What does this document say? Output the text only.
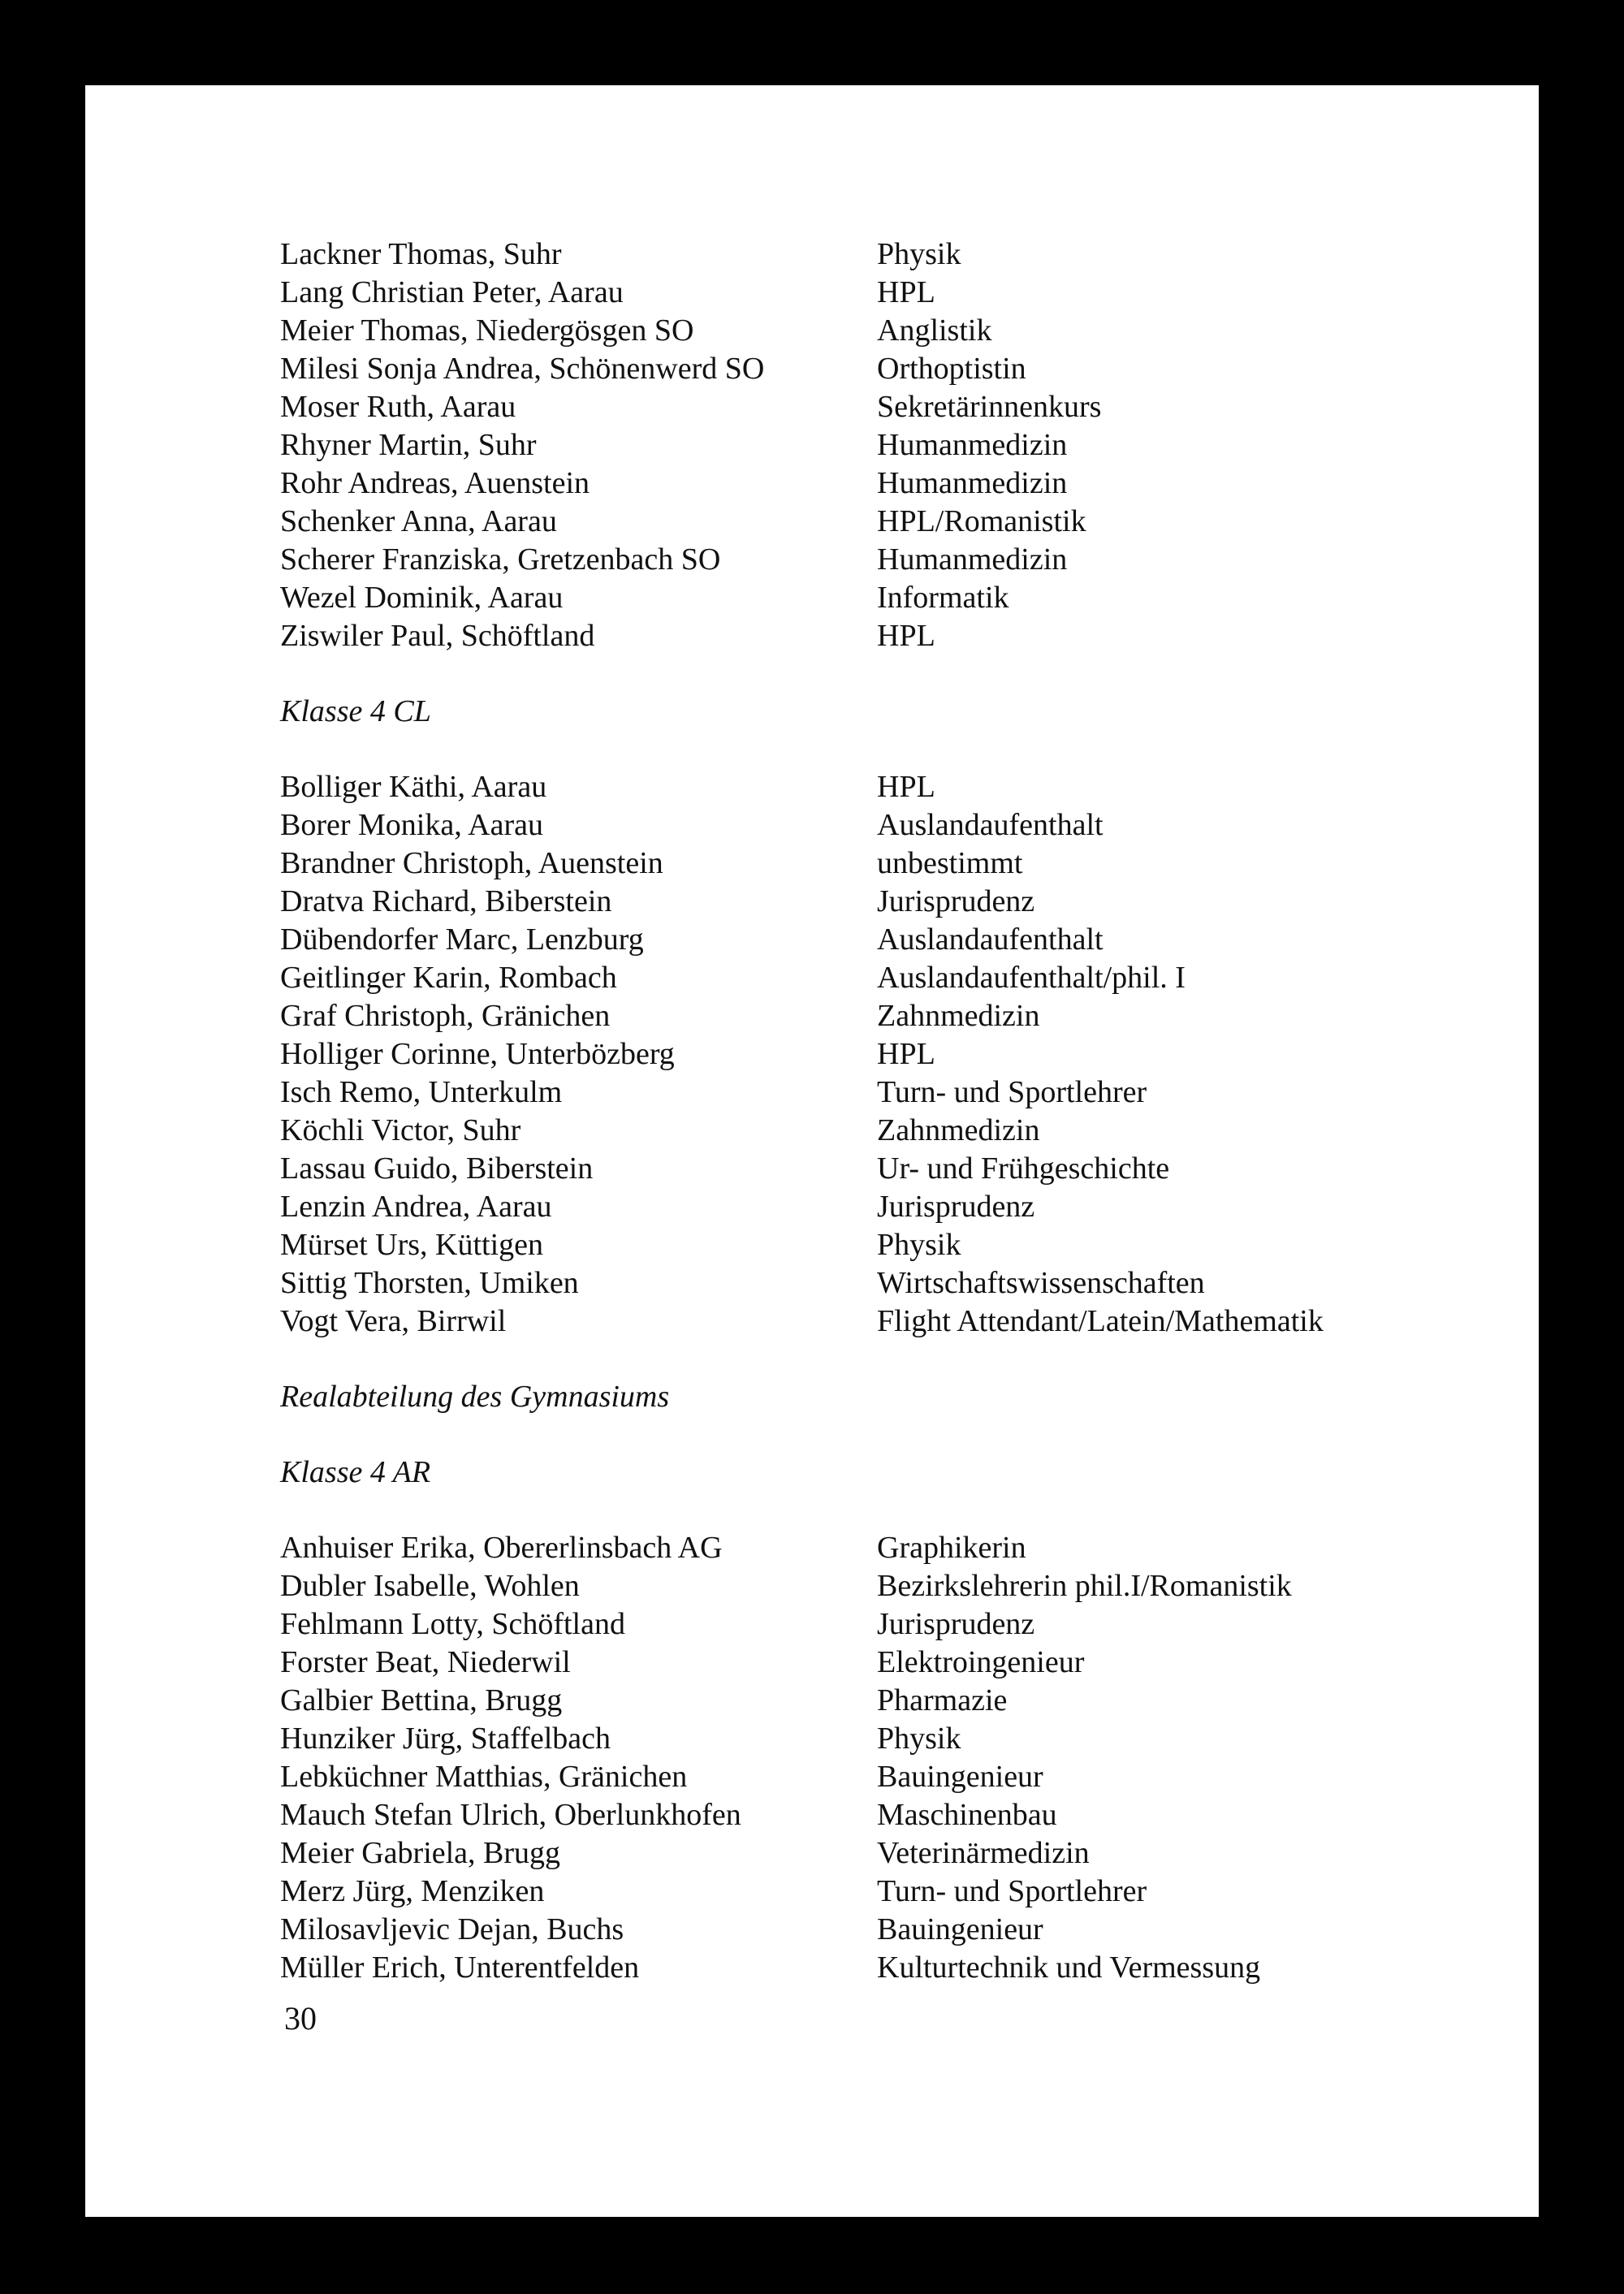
Lackner Thomas, Suhr	Physik
Lang Christian Peter, Aarau	HPL
Meier Thomas, Niedergösgen SO	Anglistik
Milesi Sonja Andrea, Schönenwerd SO	Orthoptistin
Moser Ruth, Aarau	Sekretärinnenkurs
Rhyner Martin, Suhr	Humanmedizin
Rohr Andreas, Auenstein	Humanmedizin
Schenker Anna, Aarau	HPL/Romanistik
Scherer Franziska, Gretzenbach SO	Humanmedizin
Wezel Dominik, Aarau	Informatik
Ziswiler Paul, Schöftland	HPL
Klasse 4 CL
Bolliger Käthi, Aarau	HPL
Borer Monika, Aarau	Auslandaufenthalt
Brandner Christoph, Auenstein	unbestimmt
Dratva Richard, Biberstein	Jurisprudenz
Dübendorfer Marc, Lenzburg	Auslandaufenthalt
Geitlinger Karin, Rombach	Auslandaufenthalt/phil. I
Graf Christoph, Gränichen	Zahnmedizin
Holliger Corinne, Unterbözberg	HPL
Isch Remo, Unterkulm	Turn- und Sportlehrer
Köchli Victor, Suhr	Zahnmedizin
Lassau Guido, Biberstein	Ur- und Frühgeschichte
Lenzin Andrea, Aarau	Jurisprudenz
Mürset Urs, Küttigen	Physik
Sittig Thorsten, Umiken	Wirtschaftswissenschaften
Vogt Vera, Birrwil	Flight Attendant/Latein/Mathematik
Realabteilung des Gymnasiums
Klasse 4 AR
Anhuiser Erika, Obererlinsbach AG	Graphikerin
Dubler Isabelle, Wohlen	Bezirkslehrerin phil.I/Romanistik
Fehlmann Lotty, Schöftland	Jurisprudenz
Forster Beat, Niederwil	Elektroingenieur
Galbier Bettina, Brugg	Pharmazie
Hunziker Jürg, Staffelbach	Physik
Lebküchner Matthias, Gränichen	Bauingenieur
Mauch Stefan Ulrich, Oberlunkhofen	Maschinenbau
Meier Gabriela, Brugg	Veterinärmedizin
Merz Jürg, Menziken	Turn- und Sportlehrer
Milosavljevic Dejan, Buchs	Bauingenieur
Müller Erich, Unterentfelden	Kulturtechnik und Vermessung
30
